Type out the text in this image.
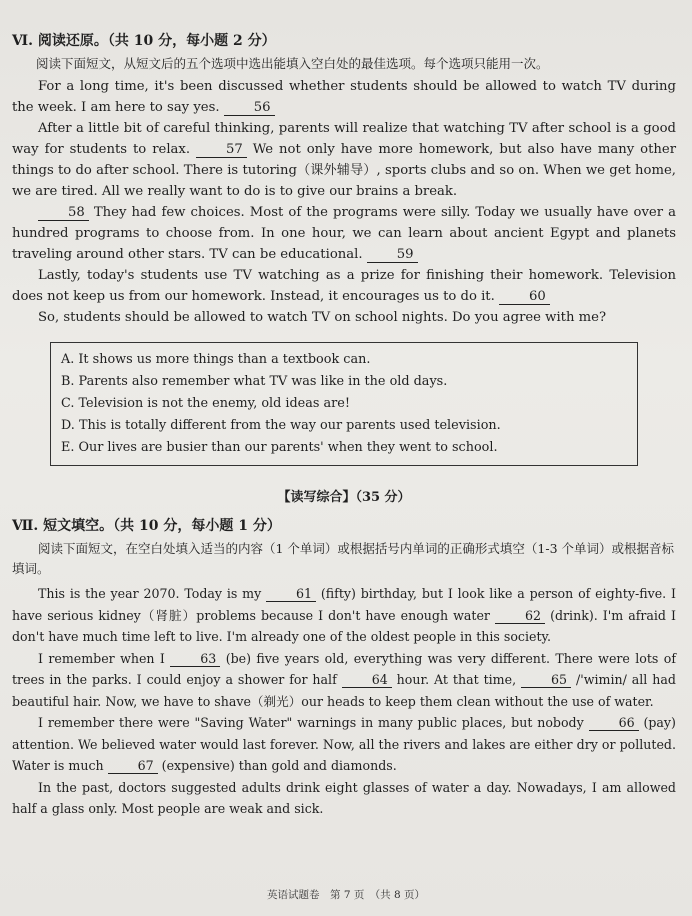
Ⅵ. 阅读还原。（共 10 分，每小题 2 分）
阅读下面短文，从短文后的五个选项中选出能填入空白处的最佳选项。每个选项只能用一次。

For a long time, it's been discussed whether students should be allowed to watch TV during the week. I am here to say yes.	56

After a little bit of careful thinking, parents will realize that watching TV after school is a good way for students to relax.	57 We not only have more homework, but also have many other things to do after school. There is tutoring（课外辅导）, sports clubs and so on. When we get home, we are tired. All we really want to do is to give our brains a break.

58 They had few choices. Most of the programs were silly. Today we usually have over a hundred programs to choose from. In one hour, we can learn about ancient Egypt and planets traveling around other stars. TV can be educational.	59

Lastly, today's students use TV watching as a prize for finishing their homework. Television does not keep us from our homework. Instead, it encourages us to do it.	60

So, students should be allowed to watch TV on school nights. Do you agree with me?

A. It shows us more things than a textbook can.
B. Parents also remember what TV was like in the old days.
C. Television is not the enemy, old ideas are!
D. This is totally different from the way our parents used television.
E. Our lives are busier than our parents' when they went to school.
【读写综合】（35 分）
Ⅶ. 短文填空。（共 10 分，每小题 1 分）
阅读下面短文，在空白处填入适当的内容（1 个单词）或根据括号内单词的正确形式填空（1-3 个单词）或根据音标填词。

This is the year 2070. Today is my	61 (fifty) birthday, but I look like a person of eighty-five. I have serious kidney（肾脏）problems because I don't have enough water	62 (drink). I'm afraid I don't have much time left to live. I'm already one of the oldest people in this society.

I remember when I	63 (be) five years old, everything was very different. There were lots of trees in the parks. I could enjoy a shower for half	64 hour. At that time,	65 /'wimin/ all had beautiful hair. Now, we have to shave（剃光）our heads to keep them clean without the use of water.

I remember there were "Saving Water" warnings in many public places, but nobody	66 (pay) attention. We believed water would last forever. Now, all the rivers and lakes are either dry or polluted. Water is much	67 (expensive) than gold and diamonds.

In the past, doctors suggested adults drink eight glasses of water a day. Nowadays, I am allowed half a glass only. Most people are weak and sick.

英语试题卷　第 7 页　（共 8 页）
